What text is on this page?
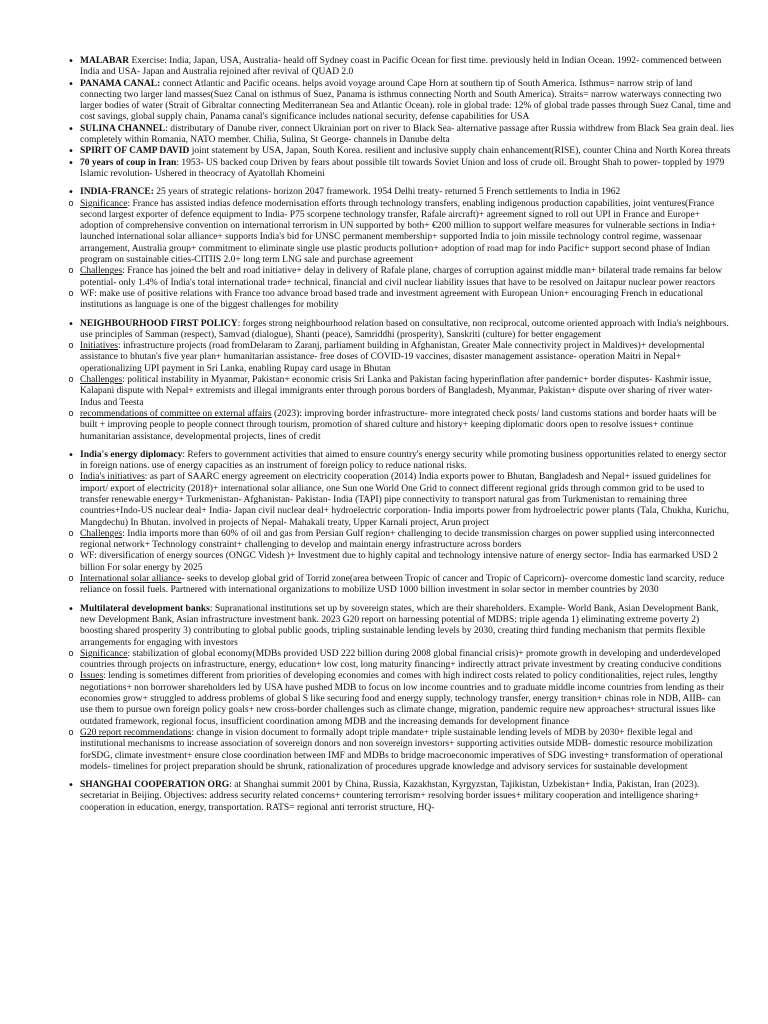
• MALABAR Exercise: India, Japan, USA, Australia- heald off Sydney coast in Pacific Ocean for first time. previously held in Indian Ocean. 1992- commenced between India and USA- Japan and Australia rejoined after revival of QUAD 2.0

• PANAMA CANAL: connect Atlantic and Pacific oceans. helps avoid voyage around Cape Horn at southern tip of South America. Isthmus= narrow strip of land connecting two larger land masses(Suez Canal on isthmus of Suez, Panama is isthmus connecting North and South America). Straits= narrow waterways connecting two larger bodies of water (Strait of Gibraltar connecting Mediterranean Sea and Atlantic Ocean). role in global trade: 12% of global trade passes through Suez Canal, time and cost savings, global supply chain, Panama canal's significance includes national security, defense capabilities for USA

• SULINA CHANNEL: distributary of Danube river, connect Ukrainian port on river to Black Sea- alternative passage after Russia withdrew from Black Sea grain deal. lies completely within Romania, NATO member. Chilia, Sulina, St George- channels in Danube delta

• SPIRIT OF CAMP DAVID joint statement by USA, Japan, South Korea. resilient and inclusive supply chain enhancement(RISE), counter China and North Korea threats

• 70 years of coup in Iran: 1953- US backed coup Driven by fears about possible tilt towards Soviet Union and loss of crude oil. Brought Shah to power- toppled by 1979 Islamic revolution- Ushered in theocracy of Ayatollah Khomeini

• INDIA-FRANCE: 25 years of strategic relations- horizon 2047 framework. 1954 Delhi treaty- returned 5 French settlements to India in 1962

o Significance: France has assisted indias defence modernisation efforts through technology transfers, enabling indigenous production capabilities, joint ventures(France second largest exporter of defence equipment to India- P75 scorpene technology transfer, Rafale aircraft)+ agreement signed to roll out UPI in France and Europe+ adoption of comprehensive convention on international terrorism in UN supported by both+ €200 million to support welfare measures for vulnerable sections in India+ launched international solar alliance+ supports India's bid for UNSC permanent membership+ supported India to join missile technology control regime, wassenaar arrangement, Australia group+ commitment to eliminate single use plastic products pollution+ adoption of road map for indo Pacific+ support second phase of Indian program on sustainable cities-CITIIS 2.0+ long term LNG sale and purchase agreement

o Challenges: France has joined the belt and road initiative+ delay in delivery of Rafale plane, charges of corruption against middle man+ bilateral trade remains far below potential- only 1.4% of India's total international trade+ technical, financial and civil nuclear liability issues that have to be resolved on Jaitapur nuclear power reactors

o WF: make use of positive relations with France too advance broad based trade and investment agreement with European Union+ encouraging French in educational institutions as language is one of the biggest challenges for mobility

• NEIGHBOURHOOD FIRST POLICY: forges strong neighbourhood relation based on consultative, non reciprocal, outcome oriented approach with India's neighbours. use principles of Samman (respect), Samvad (dialogue), Shanti (peace), Samriddhi (prosperity), Sanskriti (culture) for better engagement

o Initiatives: infrastructure projects (road fromDelaram to Zaranj, parliament building in Afghanistan, Greater Male connectivity project in Maldives)+ developmental assistance to bhutan's five year plan+ humanitarian assistance- free doses of COVID-19 vaccines, disaster management assistance- operation Maitri in Nepal+ operationalizing UPI payment in Sri Lanka, enabling Rupay card usage in Bhutan

o Challenges: political instability in Myanmar, Pakistan+ economic crisis Sri Lanka and Pakistan facing hyperinflation after pandemic+ border disputes- Kashmir issue, Kalapani dispute with Nepal+ extremists and illegal immigrants enter through porous borders of Bangladesh, Myanmar, Pakistan+ dispute over sharing of river water- Indus and Teesta

o recommendations of committee on external affairs (2023): improving border infrastructure- more integrated check posts/ land customs stations and border haats will be built + improving people to people connect through tourism, promotion of shared culture and history+ keeping diplomatic doors open to resolve issues+ continue humanitarian assistance, developmental projects, lines of credit

• India's energy diplomacy: Refers to government activities that aimed to ensure country's energy security while promoting business opportunities related to energy sector in foreign nations. use of energy capacities as an instrument of foreign policy to reduce national risks.

o India's initiatives: as part of SAARC energy agreement on electricity cooperation (2014) India exports power to Bhutan, Bangladesh and Nepal+ issued guidelines for import/ export of electricity (2018)+ international solar alliance, one Sun one World One Grid to connect different regional grids through common grid to be used to transfer renewable energy+ Turkmenistan- Afghanistan- Pakistan- India (TAPI) pipe connectivity to transport natural gas from Turkmenistan to remaining three countries+Indo-US nuclear deal+ India- Japan civil nuclear deal+ hydroelectric corporation- India imports power from hydroelectric power plants (Tala, Chukha, Kurichu, Mangdechu) In Bhutan. involved in projects of Nepal- Mahakali treaty, Upper Karnali project, Arun project

o Challenges: India imports more than 60% of oil and gas from Persian Gulf region+ challenging to decide transmission charges on power supplied using interconnected regional network+ Technology constraint+ challenging to develop and maintain energy infrastructure across borders

o WF: diversification of energy sources (ONGC Videsh )+ Investment due to highly capital and technology intensive nature of energy sector- India has earmarked USD 2 billion For solar energy by 2025

o International solar alliance- seeks to develop global grid of Torrid zone(area between Tropic of cancer and Tropic of Capricorn)- overcome domestic land scarcity, reduce reliance on fossil fuels. Partnered with international organizations to mobilize USD 1000 billion investment in solar sector in member countries by 2030

• Multilateral development banks: Supranational institutions set up by sovereign states, which are their shareholders. Example- World Bank, Asian Development Bank, new Development Bank, Asian infrastructure investment bank. 2023 G20 report on harnessing potential of MDBS: triple agenda 1) eliminating extreme poverty 2) boosting shared prosperity 3) contributing to global public goods, tripling sustainable lending levels by 2030, creating third funding mechanism that permits flexible arrangements for engaging with investors

o Significance: stabilization of global economy(MDBs provided USD 222 billion during 2008 global financial crisis)+ promote growth in developing and underdeveloped countries through projects on infrastructure, energy, education+ low cost, long maturity financing+ indirectly attract private investment by creating conducive conditions

o Issues: lending is sometimes different from priorities of developing economies and comes with high indirect costs related to policy conditionalities, reject rules, lengthy negotiations+ non borrower shareholders led by USA have pushed MDB to focus on low income countries and to graduate middle income countries from lending as their economies grow+ struggled to address problems of global S like securing food and energy supply, technology transfer, energy transition+ chinas role in NDB, AIIB- can use them to pursue own foreign policy goals+ new cross-border challenges such as climate change, migration, pandemic require new approaches+ structural issues like outdated framework, regional focus, insufficient coordination among MDB and the increasing demands for development finance

o G20 report recommendations: change in vision document to formally adopt triple mandate+ triple sustainable lending levels of MDB by 2030+ flexible legal and institutional mechanisms to increase association of sovereign donors and non sovereign investors+ supporting activities outside MDB- domestic resource mobilization forSDG, climate investment+ ensure close coordination between IMF and MDBs to bridge macroeconomic imperatives of SDG investing+ transformation of operational models- timelines for project preparation should be shrunk, rationalization of procedures upgrade knowledge and advisory services for sustainable development

• SHANGHAI COOPERATION ORG: at Shanghai summit 2001 by China, Russia, Kazakhstan, Kyrgyzstan, Tajikistan, Uzbekistan+ India, Pakistan, Iran (2023). secretariat in Beijing. Objectives: address security related concerns+ countering terrorism+ resolving border issues+ military cooperation and intelligence sharing+ cooperation in education, energy, transportation. RATS= regional anti terrorist structure, HQ-
